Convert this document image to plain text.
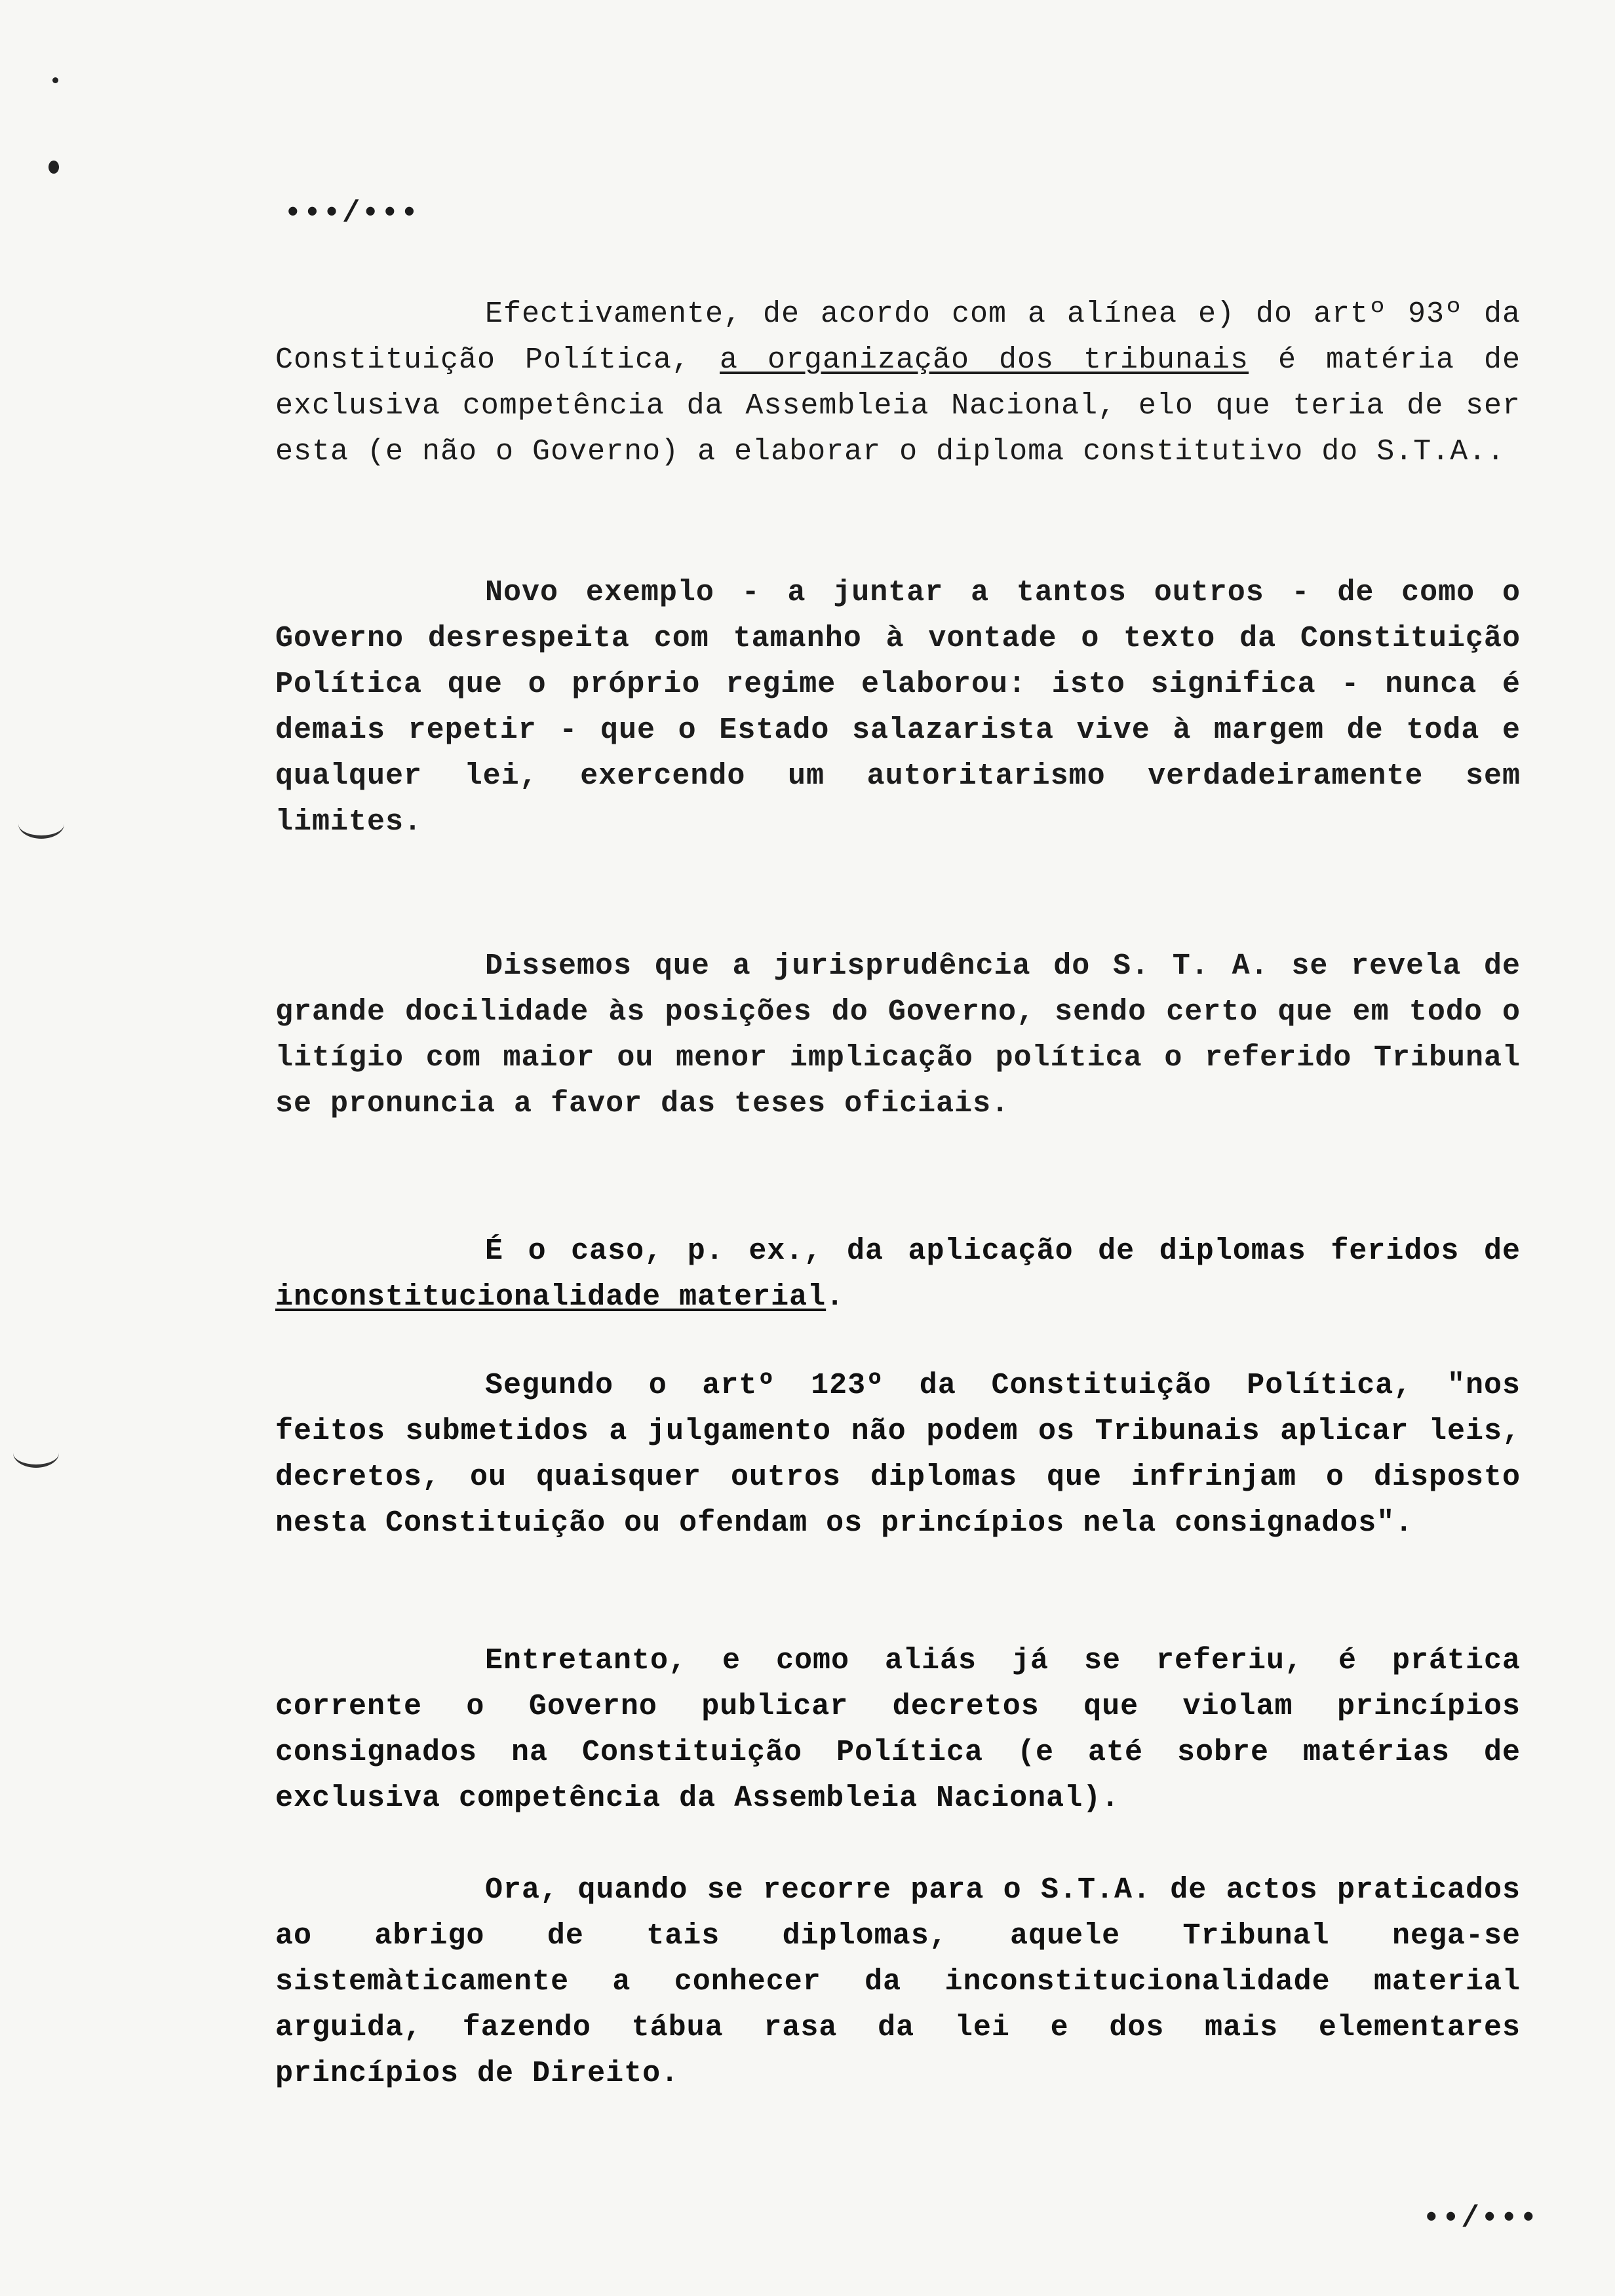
•••/•••
Efectivamente, de acordo com a alínea e) do artº 93º da Constituição Política, a organização dos tribunais é matéria de exclusiva competência da Assembleia Nacional, elo que teria de ser esta (e não o Governo) a elaborar o diploma constitutivo do S.T.A..
Novo exemplo - a juntar a tantos outros - de como o Governo desrespeita com tamanho à vontade o texto da Constituição Política que o próprio regime elaborou: isto significa - nunca é demais repetir - que o Estado salazarista vive à margem de toda e qualquer lei, exercendo um autoritarismo verdadeiramente sem limites.
Dissemos que a jurisprudência do S. T. A. se revela de grande docilidade às posições do Governo, sendo certo que em todo o litígio com maior ou menor implicação política o referido Tribunal se pronuncia a favor das teses oficiais.
É o caso, p. ex., da aplicação de diplomas feridos de inconstitucionalidade material.
Segundo o artº 123º da Constituição Política, "nos feitos submetidos a julgamento não podem os Tribunais aplicar leis, decretos, ou quaisquer outros diplomas que infrinjam o disposto nesta Constituição ou ofendam os princípios nela consignados".
Entretanto, e como aliás já se referiu, é prática corrente o Governo publicar decretos que violam princípios consignados na Constituição Política (e até sobre matérias de exclusiva competência da Assembleia Nacional).
Ora, quando se recorre para o S.T.A. de actos praticados ao abrigo de tais diplomas, aquele Tribunal nega-se sistemàticamente a conhecer da inconstitucionalidade material arguida, fazendo tábua rasa da lei e dos mais elementares princípios de Direito.
••/•••
